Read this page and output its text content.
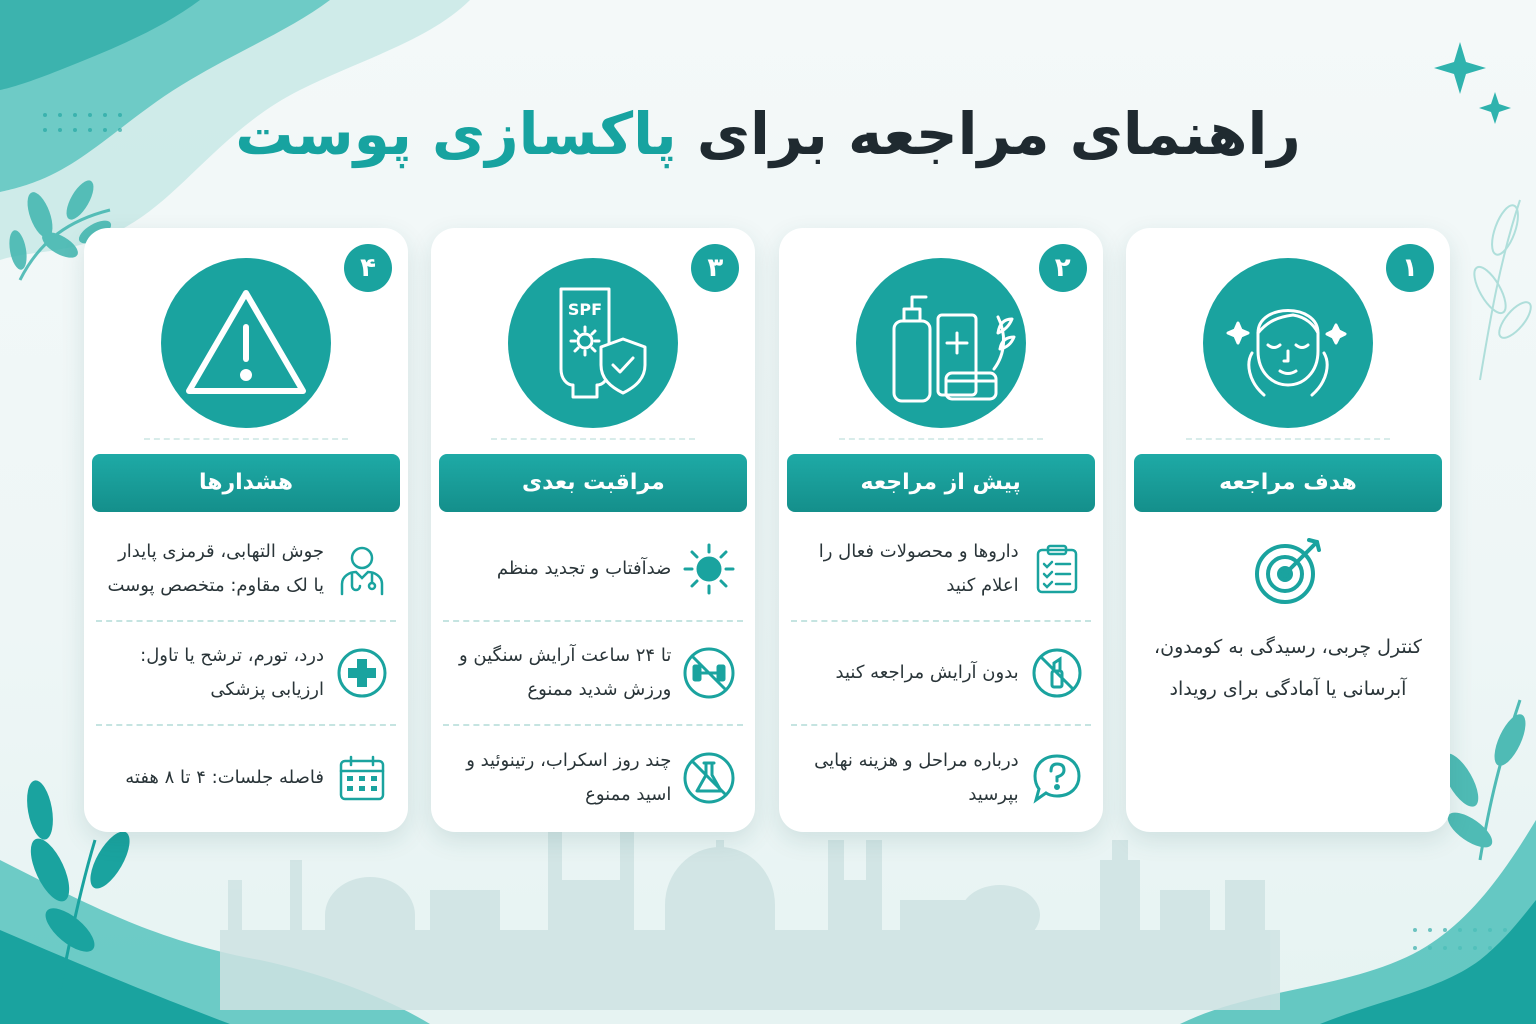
راهنمای مراجعه برای پاکسازی پوست
۱
هدف مراجعه
کنترل چربی، رسیدگی به کومدون، آبرسانی یا آمادگی برای رویداد
۲
پیش از مراجعه
داروها و محصولات فعال را اعلام کنید
بدون آرایش مراجعه کنید
درباره مراحل و هزینه نهایی بپرسید
۳
SPF
مراقبت بعدی
ضدآفتاب و تجدید منظم
تا ۲۴ ساعت آرایش سنگین و ورزش شدید ممنوع
چند روز اسکراب، رتینوئید و اسید ممنوع
۴
هشدارها
جوش التهابی، قرمزی پایدار یا لک مقاوم: متخصص پوست
درد، تورم، ترشح یا تاول: ارزیابی پزشکی
فاصله جلسات: ۴ تا ۸ هفته
